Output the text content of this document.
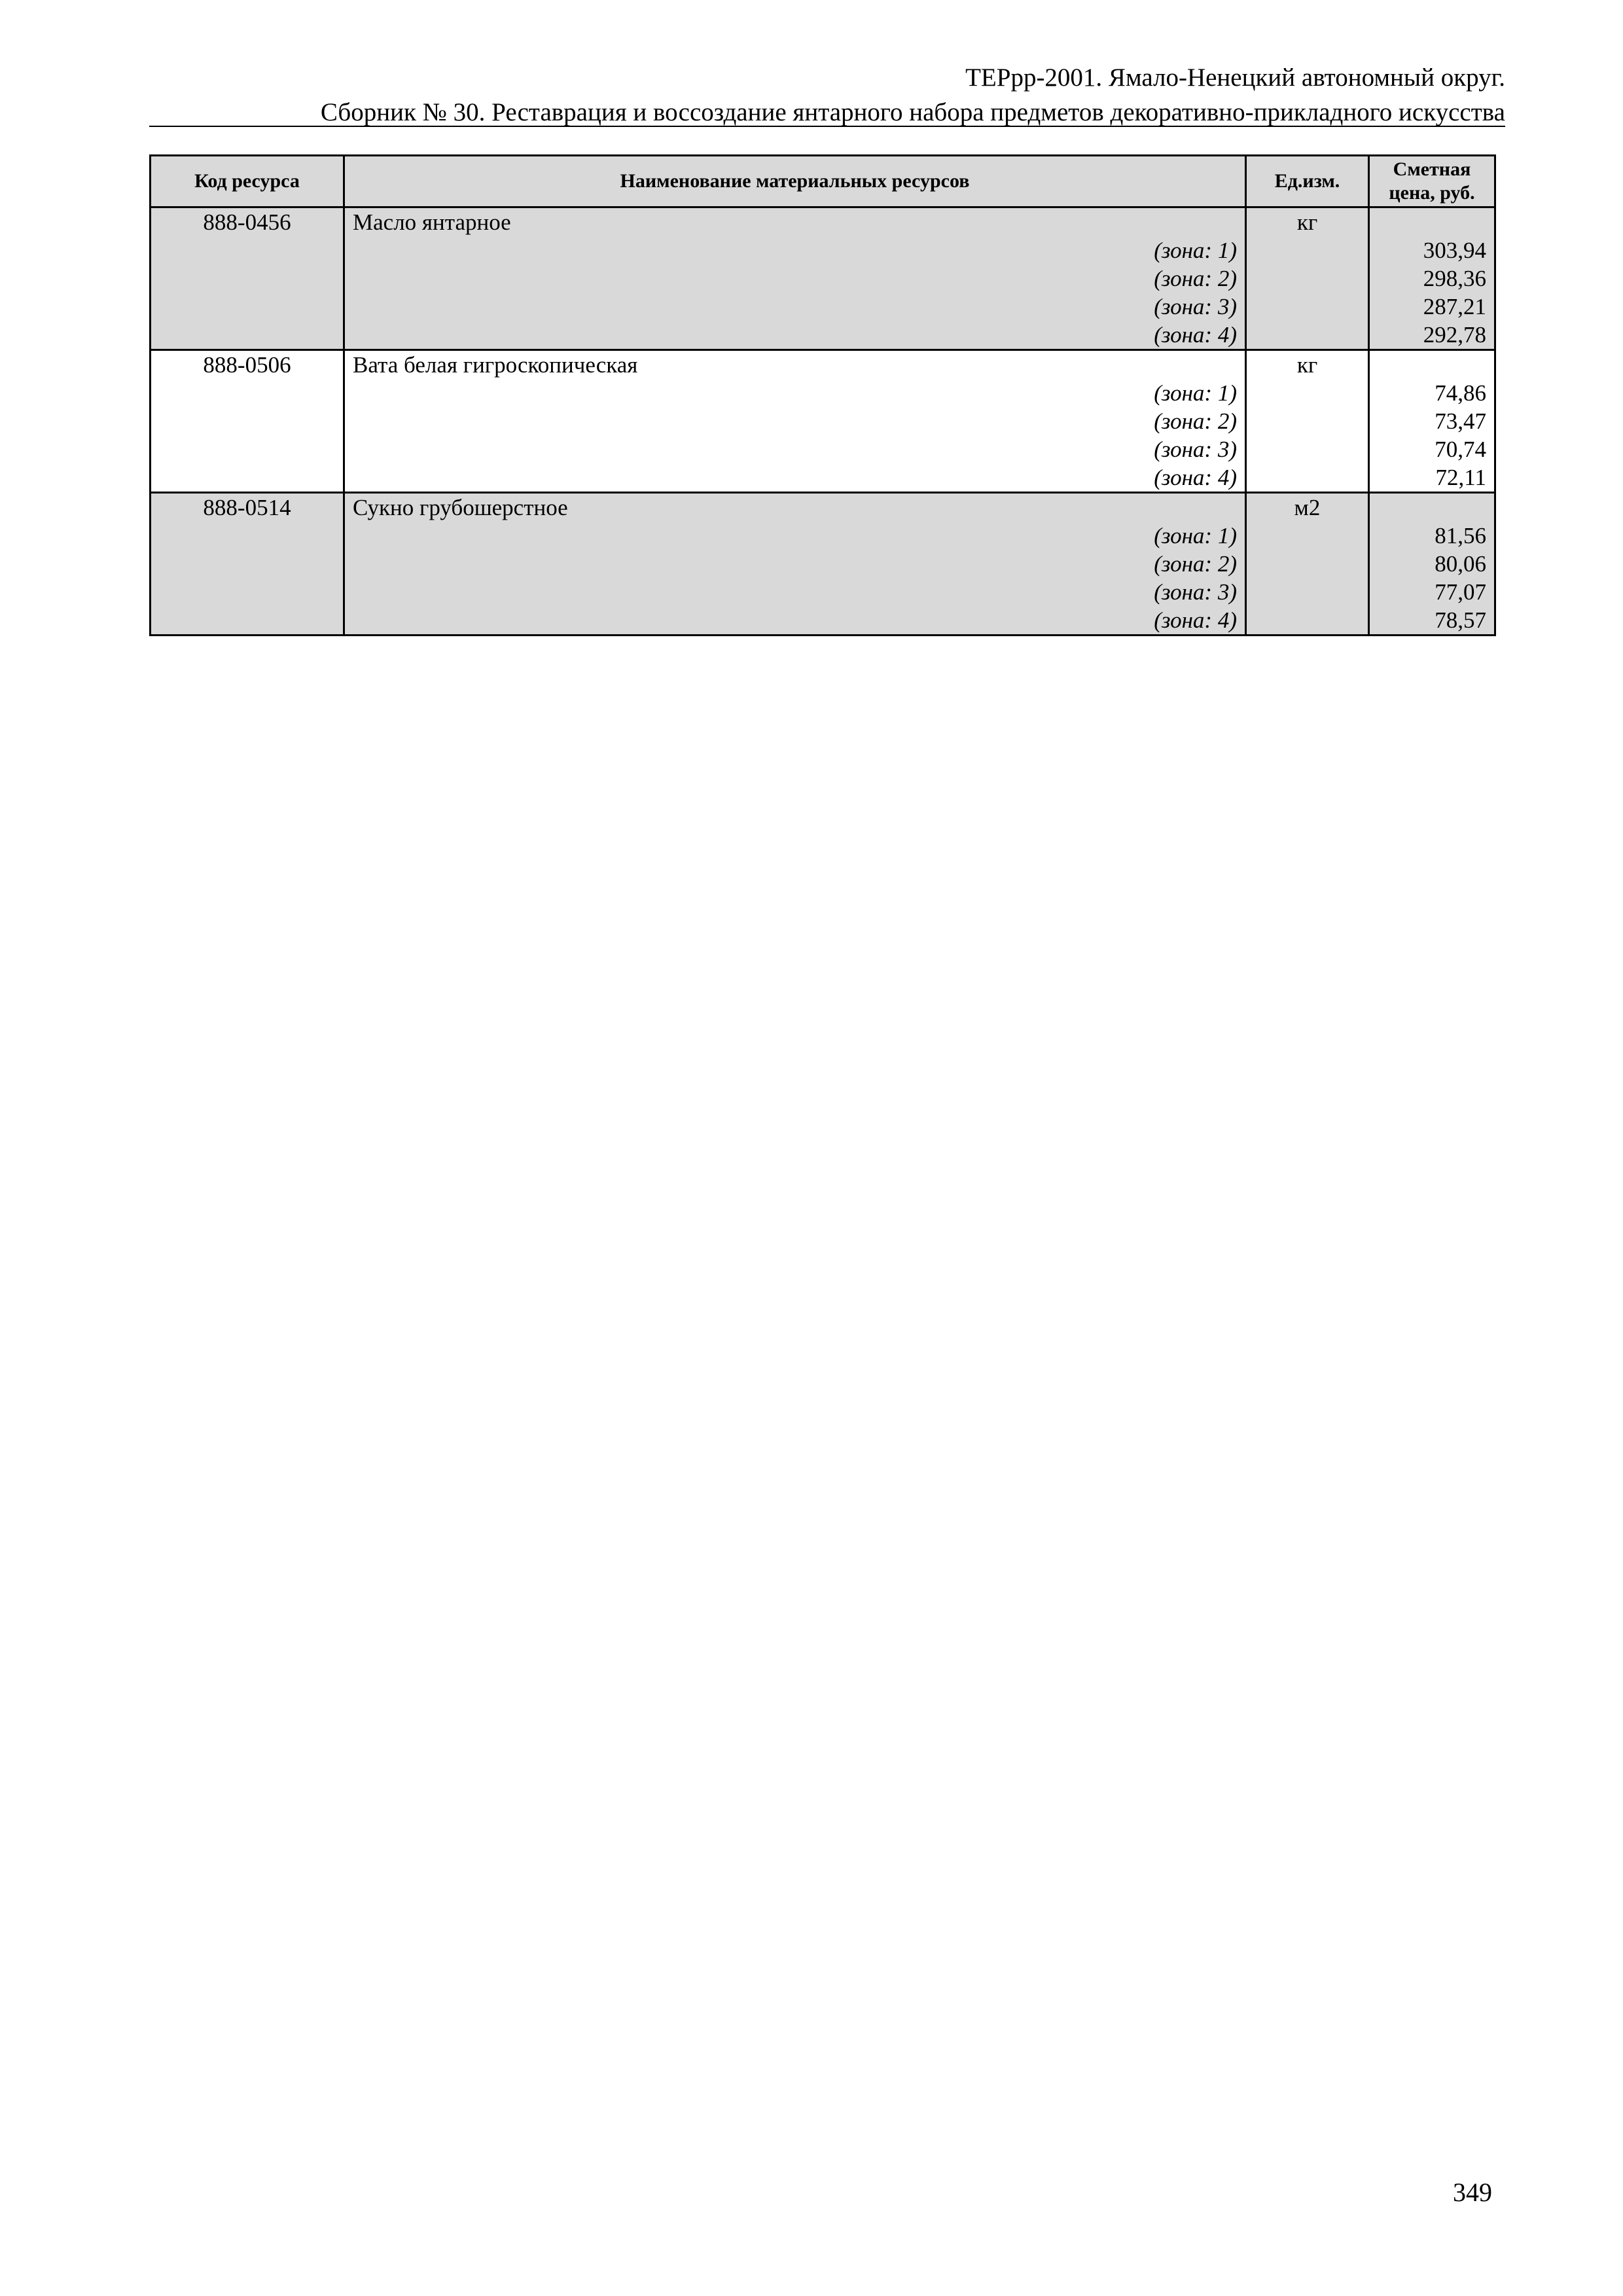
ТЕРрр-2001. Ямало-Ненецкий автономный округ.
Сборник № 30. Реставрация и воссоздание янтарного набора предметов декоративно-прикладного искусства
Код ресурса	Наименование материальных ресурсов	Ед.изм.	Сметная
цена, руб.
888-0456	Масло янтарное	кг	
	(зона: 1)		303,94
	(зона: 2)		298,36
	(зона: 3)		287,21
	(зона: 4)		292,78
888-0506	Вата белая гигроскопическая	кг	
	(зона: 1)		74,86
	(зона: 2)		73,47
	(зона: 3)		70,74
	(зона: 4)		72,11
888-0514	Сукно грубошерстное	м2	
	(зона: 1)		81,56
	(зона: 2)		80,06
	(зона: 3)		77,07
	(зона: 4)		78,57
349
